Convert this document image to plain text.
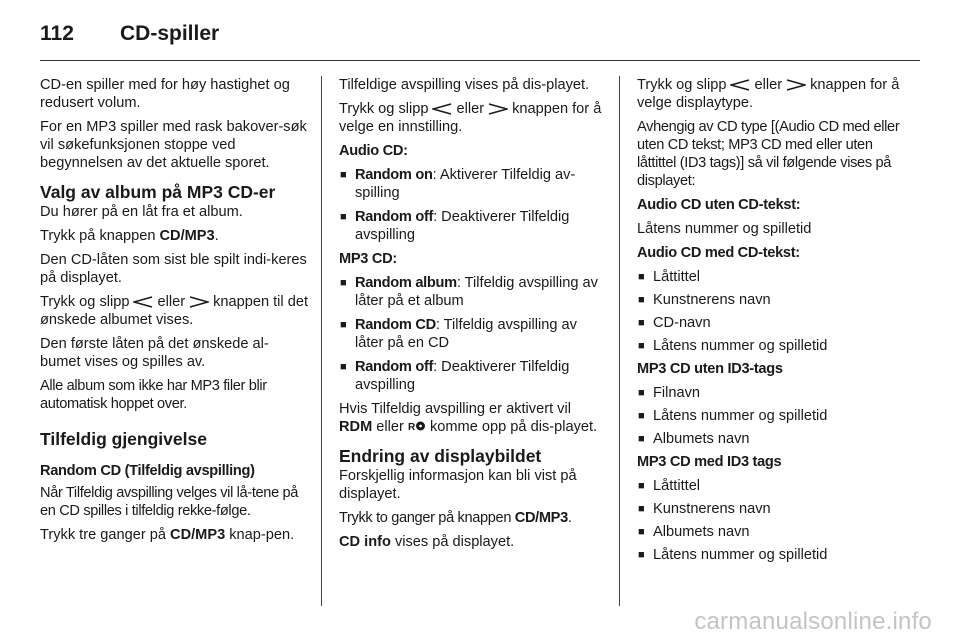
112	CD-spiller

CD-en spiller med for høy hastighet og redusert volum.

For en MP3 spiller med rask bakover-søk vil søkefunksjonen stoppe ved begynnelsen av det aktuelle sporet.

Valg av album på MP3 CD-er

Du hører på en låt fra et album.

Trykk på knappen CD/MP3.

Den CD-låten som sist ble spilt indi-keres på displayet.

Trykk og slipp eller knappen til det ønskede albumet vises.

Den første låten på det ønskede al-bumet vises og spilles av.

Alle album som ikke har MP3 filer blir automatisk hoppet over.

Tilfeldig gjengivelse
Random CD (Tilfeldig avspilling)

Når Tilfeldig avspilling velges vil lå-tene på en CD spilles i tilfeldig rekke-følge.

Trykk tre ganger på CD/MP3 knap-pen.

Tilfeldige avspilling vises på dis-playet.

Trykk og slipp eller knappen for å velge en innstilling.

Audio CD:
■ Random on: Aktiverer Tilfeldig av-spilling
■ Random off: Deaktiverer Tilfeldig avspilling
MP3 CD:
■ Random album: Tilfeldig avspilling av låter på et album
■ Random CD: Tilfeldig avspilling av låter på en CD
■ Random off: Deaktiverer Tilfeldig avspilling

Hvis Tilfeldig avspilling er aktivert vil RDM eller R komme opp på dis-playet.

Endring av displaybildet

Forskjellig informasjon kan bli vist på displayet.

Trykk to ganger på knappen CD/MP3.

CD info vises på displayet.

Trykk og slipp eller knappen for å velge displaytype.

Avhengig av CD type [(Audio CD med eller uten CD tekst; MP3 CD med eller uten låttittel (ID3 tags)] så vil følgende vises på displayet:

Audio CD uten CD-tekst:

Låtens nummer og spilletid

Audio CD med CD-tekst:
■ Låttittel
■ Kunstnerens navn
■ CD-navn
■ Låtens nummer og spilletid
MP3 CD uten ID3-tags
■ Filnavn
■ Låtens nummer og spilletid
■ Albumets navn
MP3 CD med ID3 tags
■ Låttittel
■ Kunstnerens navn
■ Albumets navn
■ Låtens nummer og spilletid
carmanualsonline.info
